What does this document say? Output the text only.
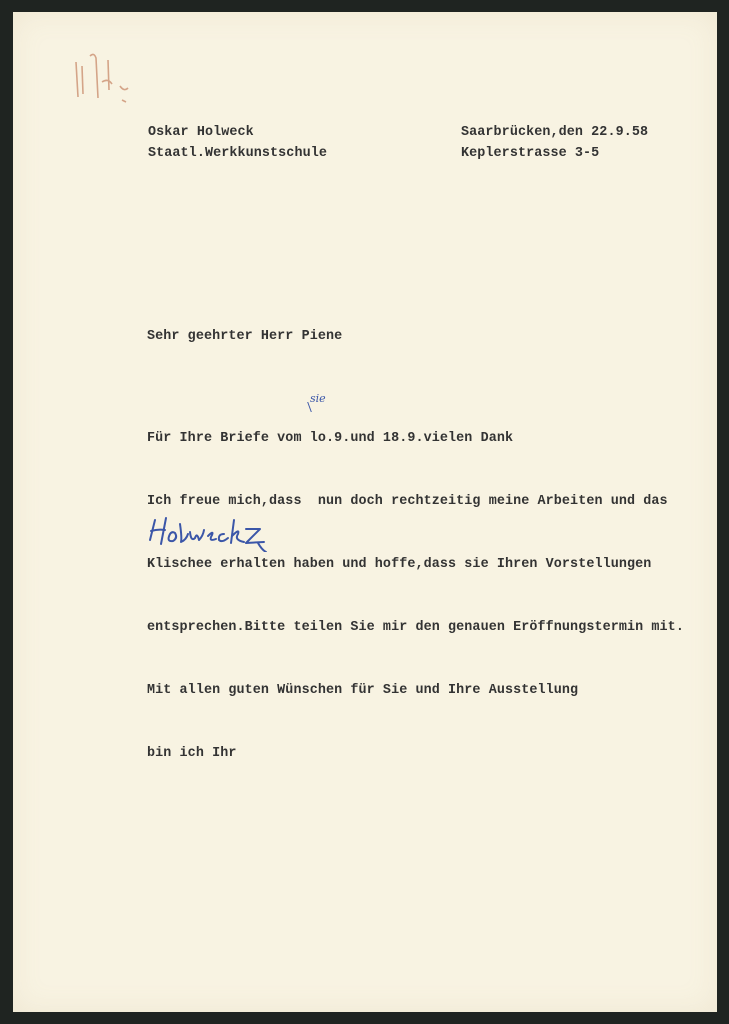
Oskar Holweck
Staatl.Werkkunstschule
Saarbrücken,den 22.9.58
Keplerstrasse 3-5
Sehr geehrter Herr Piene

Für Ihre Briefe vom lo.9.und 18.9.vielen Dank

Ich freue mich,dass  nun doch rechtzeitig meine Arbeiten und das

Klischee erhalten haben und hoffe,dass sie Ihren Vorstellungen

entsprechen.Bitte teilen Sie mir den genauen Eröffnungstermin mit.

Mit allen guten Wünschen für Sie und Ihre Ausstellung

bin ich Ihr

sie
